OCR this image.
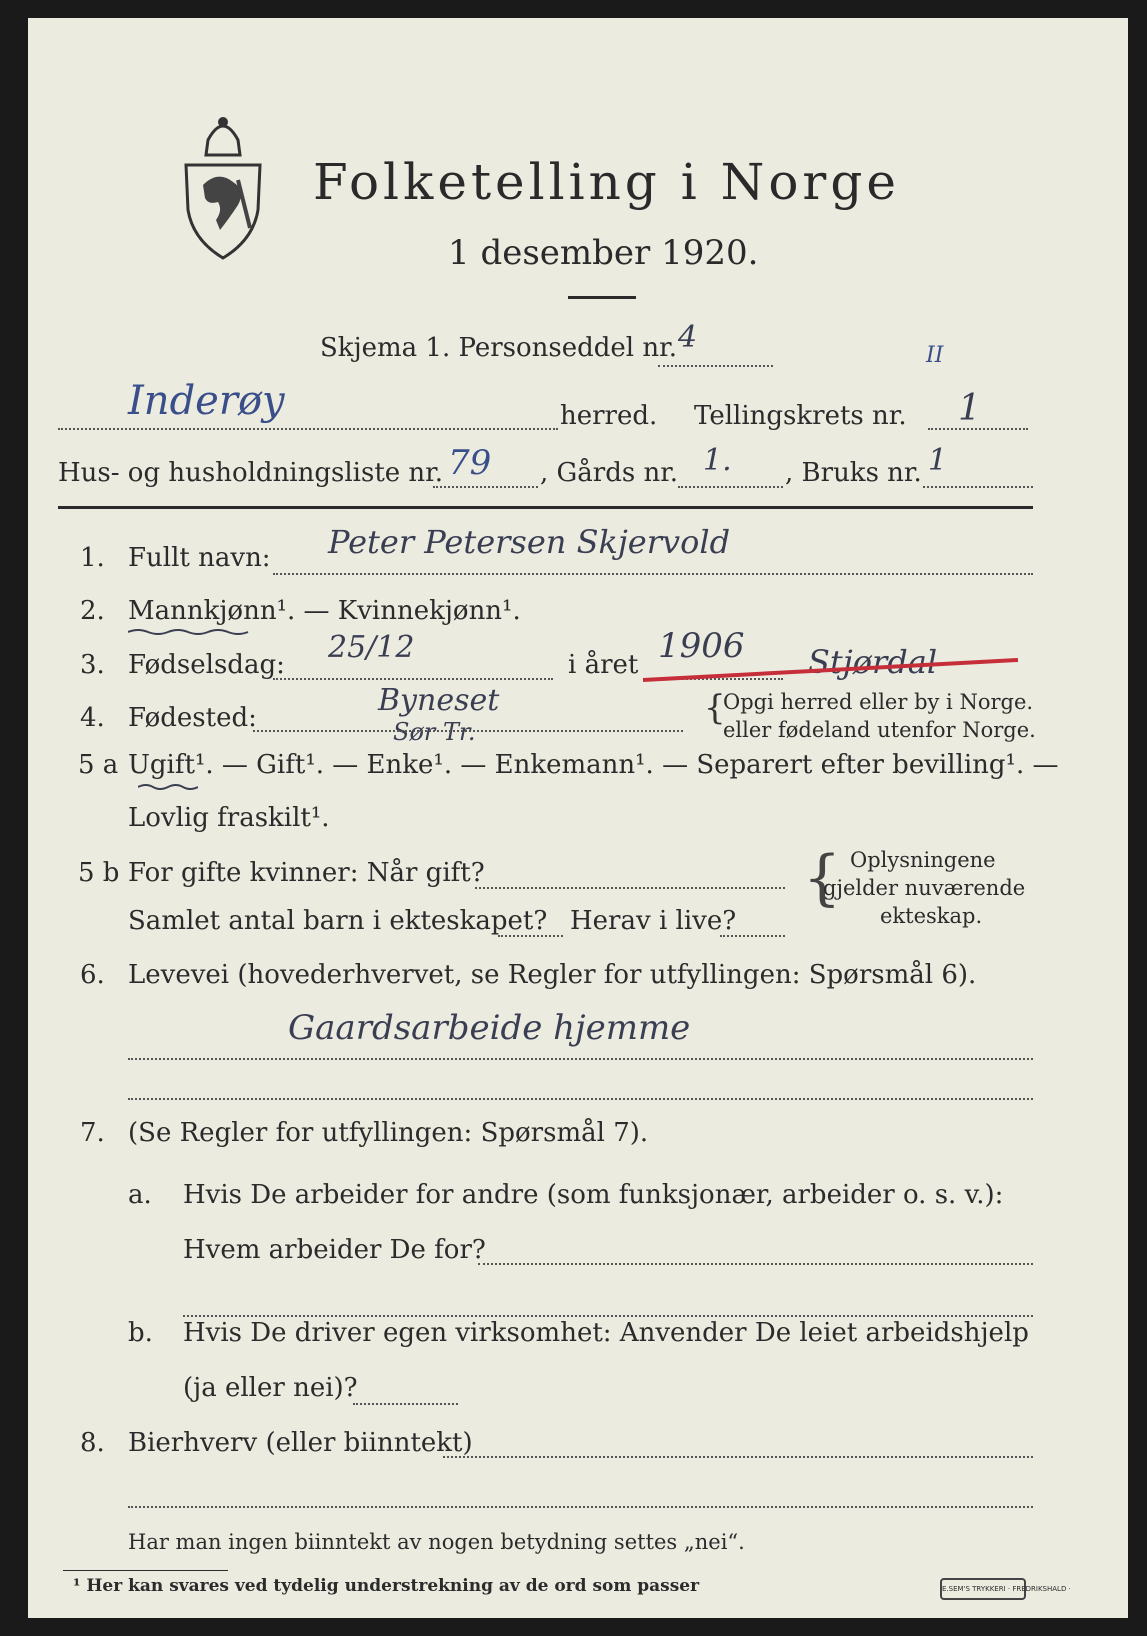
Folketelling i Norge
1 desember 1920.
Skjema 1. Personseddel nr. 4
Inderøy	herred. Tellingskrets nr. 1
II
Hus- og husholdningsliste nr. 79 , Gårds nr. 1. , Bruks nr. 1
1. Fullt navn: Peter Petersen Skjervold
2. Mannkjønn¹. — Kvinnekjønn¹.
3. Fødselsdag: 25/12	i året 1906 Stjørdal
4. Fødested:	Byneset
Sør Tr.
{
Opgi herred eller by i Norge.
eller fødeland utenfor Norge.
5 a Ugift¹. — Gift¹. — Enke¹. — Enkemann¹. — Separert efter bevilling¹. —
Lovlig fraskilt¹.
5 b For gifte kvinner: Når gift?
Samlet antal barn i ekteskapet? Herav i live?
{ Oplysningene
gjelder nuværende
ekteskap.
6. Levevei (hovederhvervet, se Regler for utfyllingen: Spørsmål 6).
Gaardsarbeide hjemme
7. (Se Regler for utfyllingen: Spørsmål 7).
a. Hvis De arbeider for andre (som funksjonær, arbeider o. s. v.):
Hvem arbeider De for?
b. Hvis De driver egen virksomhet: Anvender De leiet arbeidshjelp
(ja eller nei)?
8. Bierhverv (eller biinntekt)
Har man ingen biinntekt av nogen betydning settes „nei“.
¹ Her kan svares ved tydelig understrekning av de ord som passer	E.SEM'S TRYKKERI · FREDRIKSHALD ·
